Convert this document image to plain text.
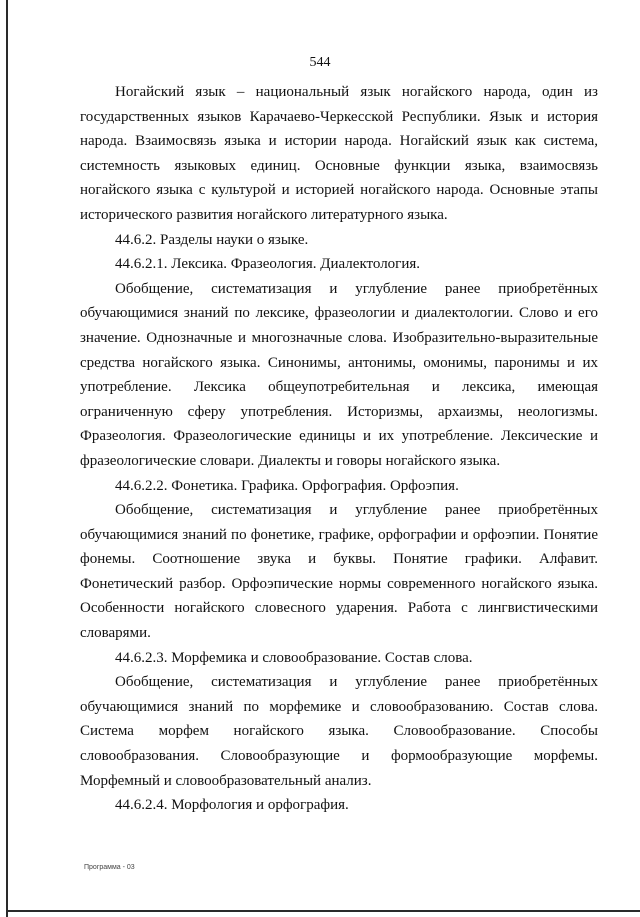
544

Ногайский язык – национальный язык ногайского народа, один из государственных языков Карачаево-Черкесской Республики. Язык и история народа. Взаимосвязь языка и истории народа. Ногайский язык как система, системность языковых единиц. Основные функции языка, взаимосвязь ногайского языка с культурой и историей ногайского народа. Основные этапы исторического развития ногайского литературного языка.

44.6.2. Разделы науки о языке.

44.6.2.1. Лексика. Фразеология. Диалектология.

Обобщение, систематизация и углубление ранее приобретённых обучающимися знаний по лексике, фразеологии и диалектологии. Слово и его значение. Однозначные и многозначные слова. Изобразительно-выразительные средства ногайского языка. Синонимы, антонимы, омонимы, паронимы и их употребление. Лексика общеупотребительная и лексика, имеющая ограниченную сферу употребления. Историзмы, архаизмы, неологизмы. Фразеология. Фразеологические единицы и их употребление. Лексические и фразеологические словари. Диалекты и говоры ногайского языка.

44.6.2.2. Фонетика. Графика. Орфография. Орфоэпия.

Обобщение, систематизация и углубление ранее приобретённых обучающимися знаний по фонетике, графике, орфографии и орфоэпии. Понятие фонемы. Соотношение звука и буквы. Понятие графики. Алфавит. Фонетический разбор. Орфоэпические нормы современного ногайского языка. Особенности ногайского словесного ударения. Работа с лингвистическими словарями.

44.6.2.3. Морфемика и словообразование. Состав слова.

Обобщение, систематизация и углубление ранее приобретённых обучающимися знаний по морфемике и словообразованию. Состав слова. Система морфем ногайского языка. Словообразование. Способы словообразования. Словообразующие и формообразующие морфемы. Морфемный и словообразовательный анализ.

44.6.2.4. Морфология и орфография.

Программа - 03
